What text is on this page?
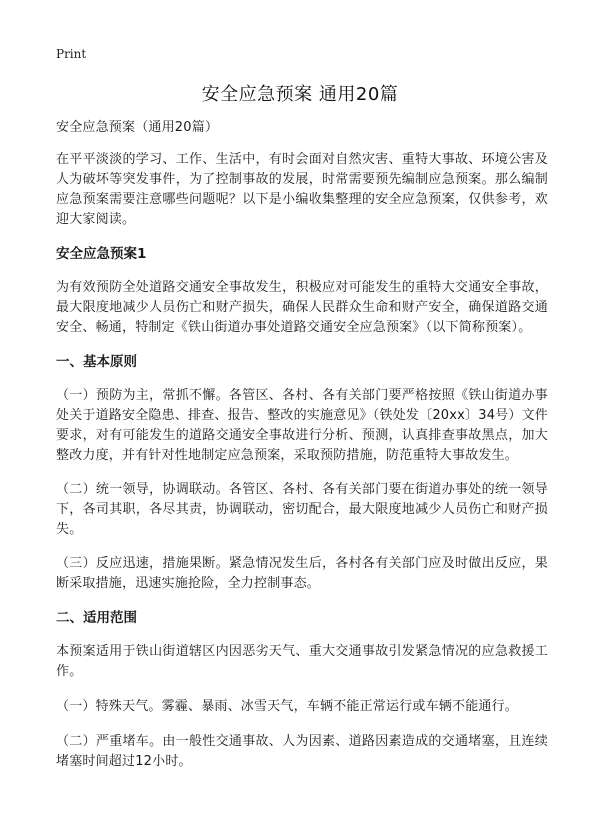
Print
安全应急预案 通用20篇

安全应急预案（通用20篇）

在平平淡淡的学习、工作、生活中，有时会面对自然灾害、重特大事故、环境公害及人为破坏等突发事件，为了控制事故的发展，时常需要预先编制应急预案。那么编制应急预案需要注意哪些问题呢？以下是小编收集整理的安全应急预案，仅供参考，欢迎大家阅读。

安全应急预案1

为有效预防全处道路交通安全事故发生，积极应对可能发生的重特大交通安全事故，最大限度地减少人员伤亡和财产损失，确保人民群众生命和财产安全，确保道路交通安全、畅通，特制定《铁山街道办事处道路交通安全应急预案》（以下简称预案）。

一、基本原则

（一）预防为主，常抓不懈。各管区、各村、各有关部门要严格按照《铁山街道办事处关于道路安全隐患、排查、报告、整改的实施意见》（铁处发〔20xx〕34号）文件要求，对有可能发生的道路交通安全事故进行分析、预测，认真排查事故黑点，加大整改力度，并有针对性地制定应急预案，采取预防措施，防范重特大事故发生。

（二）统一领导，协调联动。各管区、各村、各有关部门要在街道办事处的统一领导下，各司其职，各尽其责，协调联动，密切配合，最大限度地减少人员伤亡和财产损失。

（三）反应迅速，措施果断。紧急情况发生后，各村各有关部门应及时做出反应，果断采取措施，迅速实施抢险，全力控制事态。

二、适用范围

本预案适用于铁山街道辖区内因恶劣天气、重大交通事故引发紧急情况的应急救援工作。

（一）特殊天气。雾霾、暴雨、冰雪天气，车辆不能正常运行或车辆不能通行。

（二）严重堵车。由一般性交通事故、人为因素、道路因素造成的交通堵塞，且连续堵塞时间超过12小时。
